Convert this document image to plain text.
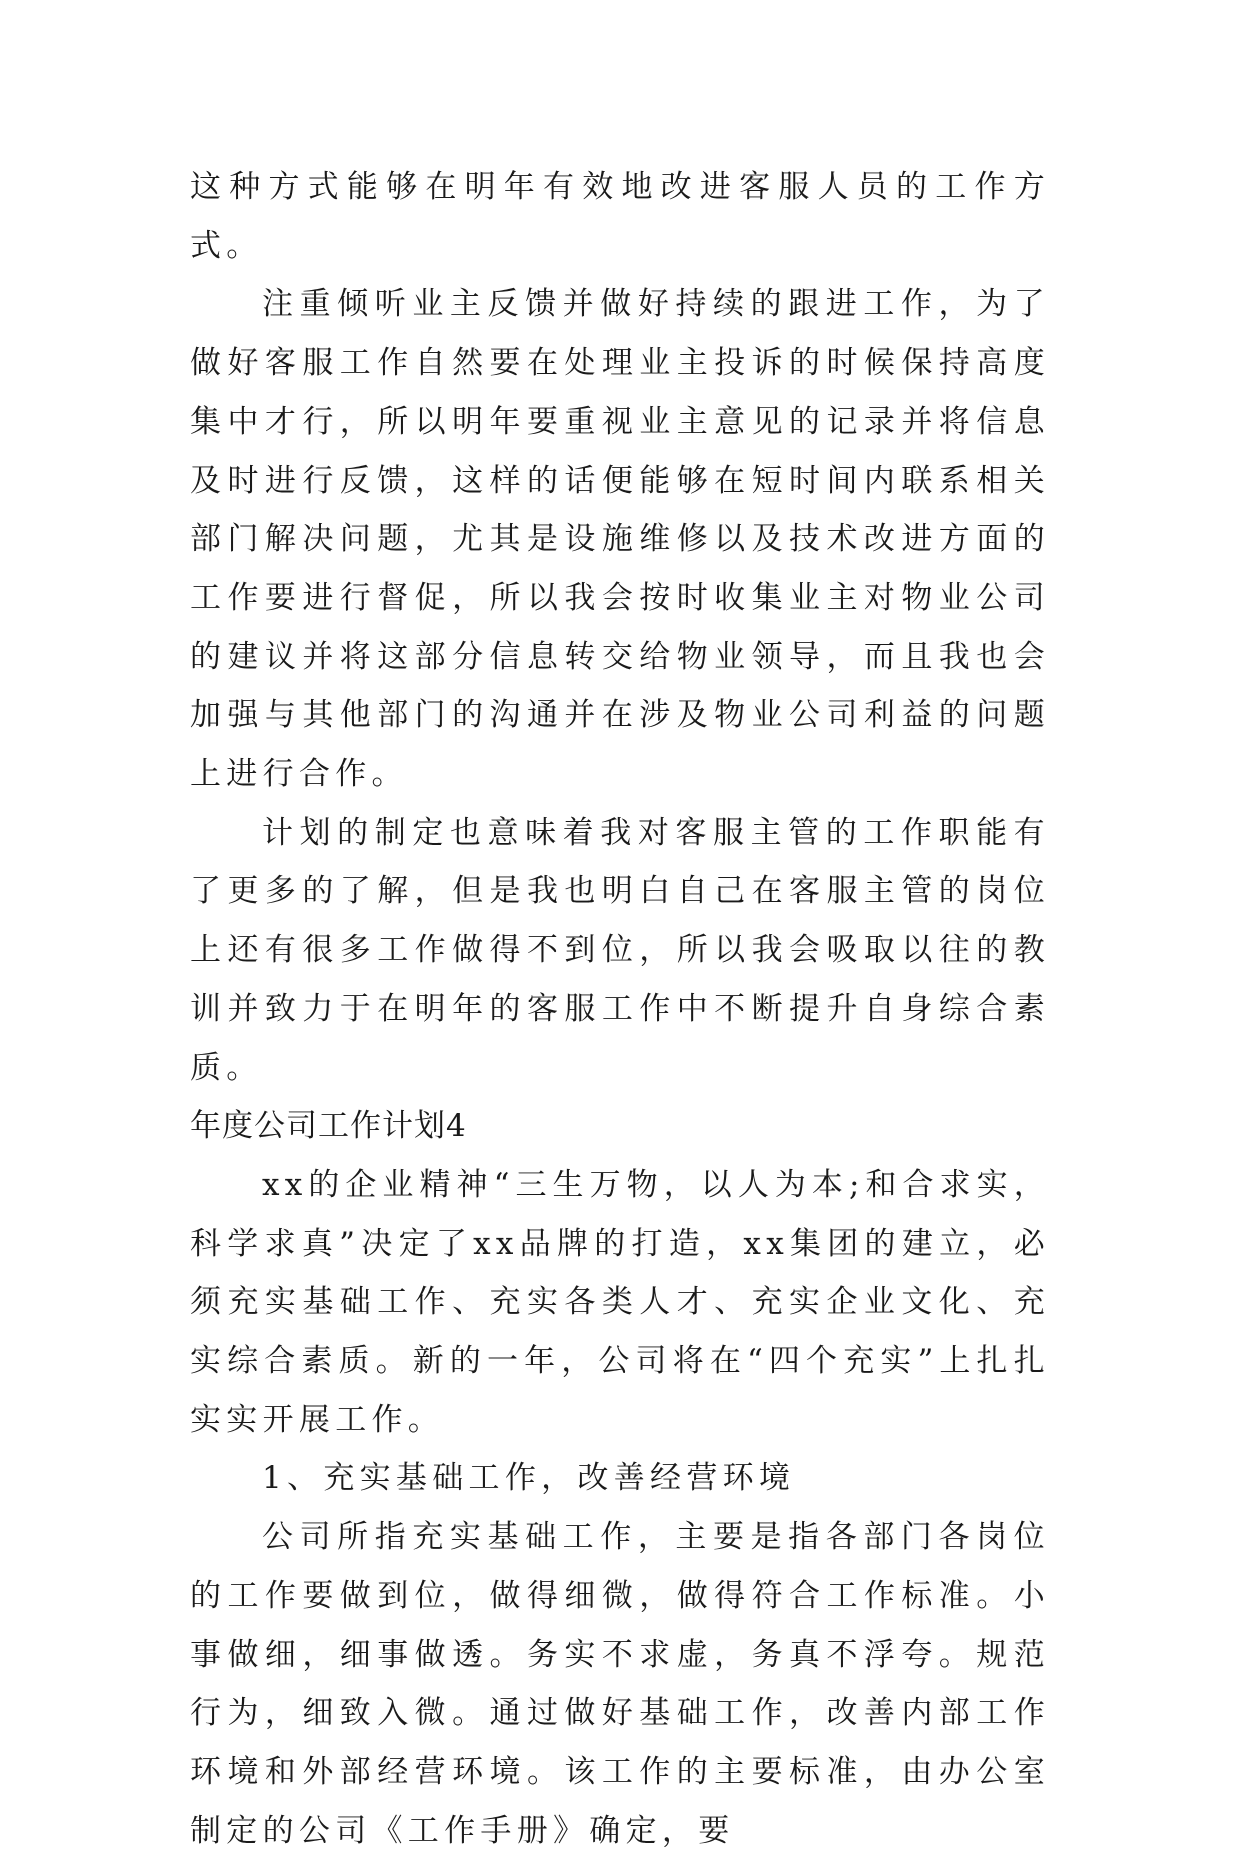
这种方式能够在明年有效地改进客服人员的工作方式。

注重倾听业主反馈并做好持续的跟进工作，为了做好客服工作自然要在处理业主投诉的时候保持高度集中才行，所以明年要重视业主意见的记录并将信息及时进行反馈，这样的话便能够在短时间内联系相关部门解决问题，尤其是设施维修以及技术改进方面的工作要进行督促，所以我会按时收集业主对物业公司的建议并将这部分信息转交给物业领导，而且我也会加强与其他部门的沟通并在涉及物业公司利益的问题上进行合作。

计划的制定也意味着我对客服主管的工作职能有了更多的了解，但是我也明白自己在客服主管的岗位上还有很多工作做得不到位，所以我会吸取以往的教训并致力于在明年的客服工作中不断提升自身综合素质。

年度公司工作计划4

xx的企业精神“三生万物，以人为本;和合求实，科学求真”决定了xx品牌的打造，xx集团的建立，必须充实基础工作、充实各类人才、充实企业文化、充实综合素质。新的一年，公司将在“四个充实”上扎扎实实开展工作。

1、充实基础工作，改善经营环境

公司所指充实基础工作，主要是指各部门各岗位的工作要做到位，做得细微，做得符合工作标准。小事做细，细事做透。务实不求虚，务真不浮夸。规范行为，细致入微。通过做好基础工作，改善内部工作环境和外部经营环境。该工作的主要标准，由办公室制定的公司《工作手册》确定，要
